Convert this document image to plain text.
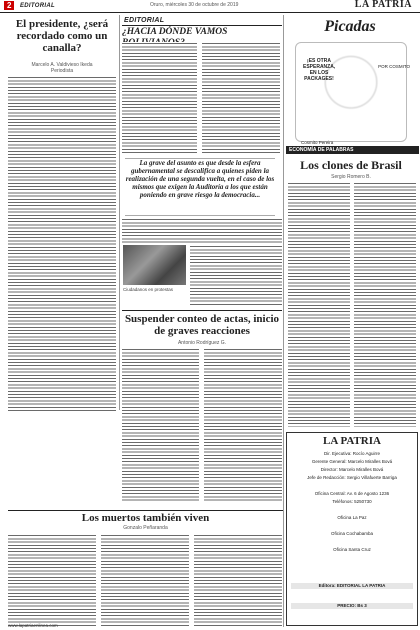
2	EDITORIAL	Oruro, miércoles 30 de octubre de 2019	LA PATRIA
El presidente, ¿será recordado como un canalla?
Marcelo A. Valdivieso Ikeda
Periodista
EDITORIAL
¿HACIA DÓNDE VAMOS
La grave del asunto es que desde la esfera gubernamental se descalifica a quienes piden la realización de una segunda vuelta, en el caso de los mismos que exigen la Auditoría a los que están poniendo en grave riesgo la democracia...
Ciudadanos en protestas
Suspender conteo de actas, inicio de graves reacciones
Antonio Rodríguez G.
Los muertos también viven
Gonzalo Peñaranda
Picadas
¡ES OTRA ESPERANZA, EN LOS PACKAGES!
POR COSMITO
Cosmito Pereira
ECONOMÍA DE PALABRAS
Los clones de Brasil
Sergio Romero B.
LA PATRIA
Dir. Ejecutiva: Rocío Aguirre
Gerente General: Marcelo Miralles Bová
Director: Marcelo Miralles Bová
Jefe de Redacción: Sergio Villafuerte Barriga
Oficina Central: Av. 6 de Agosto 1236
Teléfonos: 5250730
Oficina La Paz
Oficina Cochabamba
Oficina Santa Cruz
Editora: EDITORIAL LA PATRIA
PRECIO: Bs 3
www.lapatriaenlinea.com
